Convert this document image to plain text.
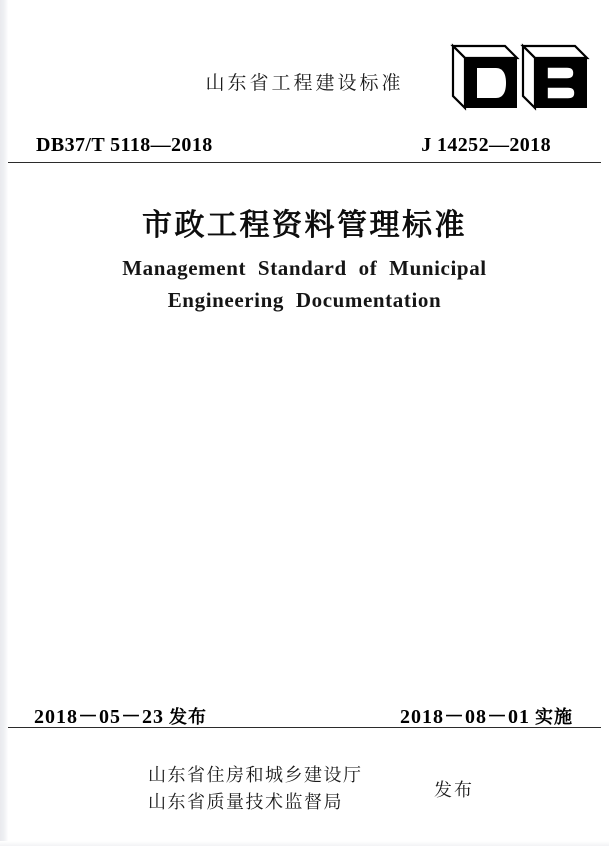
山东省工程建设标准
DB37/T 5118—2018	J 14252—2018
市政工程资料管理标准
Management Standard of Municipal
Engineering Documentation
2018－05－23 发布	2018－08－01 实施
山东省住房和城乡建设厅
山东省质量技术监督局
发布
